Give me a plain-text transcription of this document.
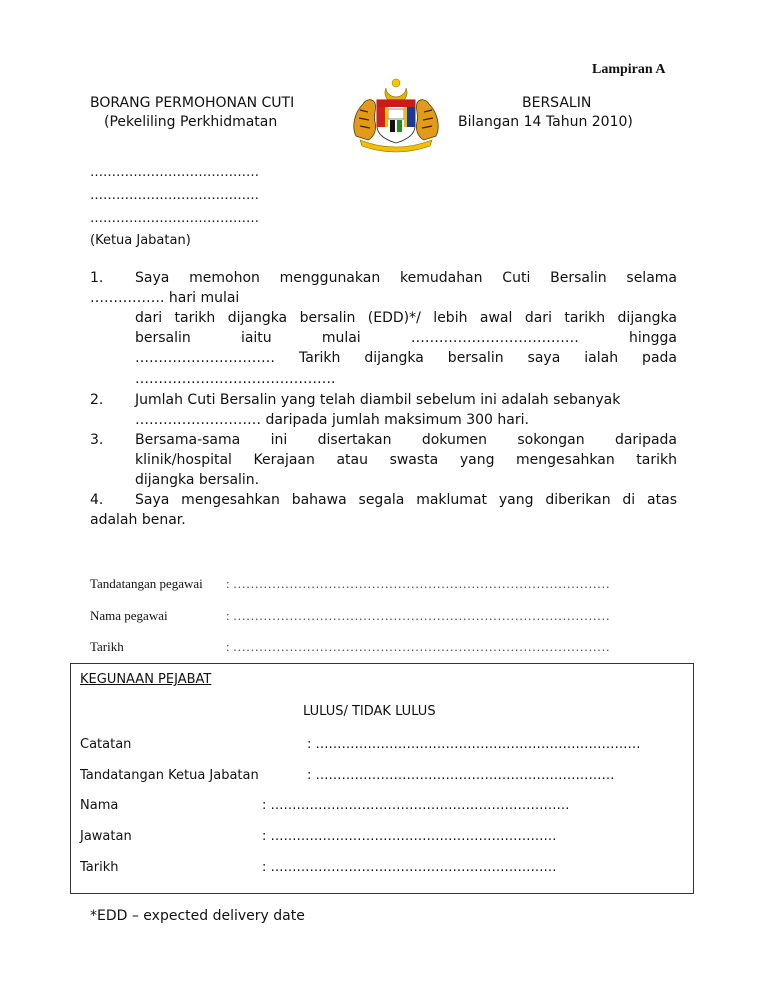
Lampiran A
BORANG PERMOHONAN CUTI	BERSALIN
(Pekeliling Perkhidmatan	Bilangan 14 Tahun 2010)
…………………………………
…………………………………
…………………………………
(Ketua Jabatan)
1. Saya memohon menggunakan kemudahan Cuti Bersalin selama
……………. hari mulai
dari tarikh dijangka bersalin (EDD)*/ lebih awal dari tarikh dijangka
bersalin iaitu mulai ……………………………… hingga
………………………… Tarikh dijangka bersalin saya ialah pada
…………………………………….
2. Jumlah Cuti Bersalin yang telah diambil sebelum ini adalah sebanyak
……………………… daripada jumlah maksimum 300 hari.
3. Bersama-sama ini disertakan dokumen sokongan daripada
klinik/hospital Kerajaan atau swasta yang mengesahkan tarikh
dijangka bersalin.
4. Saya mengesahkan bahawa segala maklumat yang diberikan di atas
adalah benar.
Tandatangan pegawai : ……………………………………………………………………………
Nama pegawai	: ……………………………………………………………………………
Tarikh	: ……………………………………………………………………………
KEGUNAAN PEJABAT
LULUS/ TIDAK LULUS
Catatan	: …………………………………………………………………
Tandatangan Ketua Jabatan	: ……………………………………………………………
Nama	: ……………………………………………………………
Jawatan	: …………………………………………………………
Tarikh	: …………………………………………………………
*EDD – expected delivery date
